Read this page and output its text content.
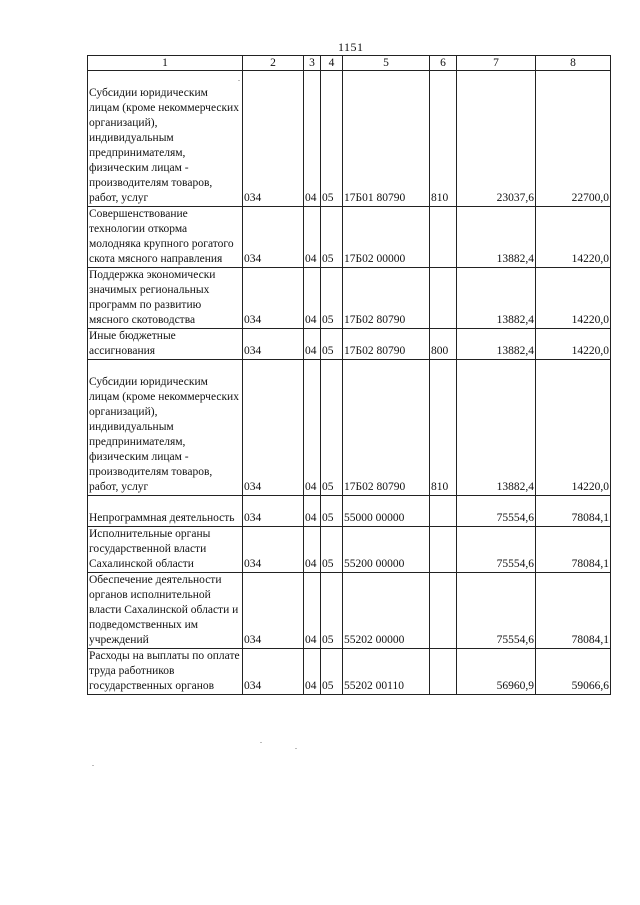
1151
1	2	3	4	5	6	7	8
Субсидии юридическим лицам (кроме некоммерческих организаций), индивидуальным предпринимателям, физическим лицам - производителям товаров, работ, услуг	034	04	05	17Б01 80790	810	23037,6	22700,0
Совершенствование технологии откорма молодняка крупного рогатого скота мясного направления	034	04	05	17Б02 00000		13882,4	14220,0
Поддержка экономически значимых региональных программ по развитию мясного скотоводства	034	04	05	17Б02 80790		13882,4	14220,0
Иные бюджетные ассигнования	034	04	05	17Б02 80790	800	13882,4	14220,0
Субсидии юридическим лицам (кроме некоммерческих организаций), индивидуальным предпринимателям, физическим лицам - производителям товаров, работ, услуг	034	04	05	17Б02 80790	810	13882,4	14220,0
Непрограммная деятельность	034	04	05	55000 00000		75554,6	78084,1
Исполнительные органы государственной власти Сахалинской области	034	04	05	55200 00000		75554,6	78084,1
Обеспечение деятельности органов исполнительной власти Сахалинской области и подведомственных им учреждений	034	04	05	55202 00000		75554,6	78084,1
Расходы на выплаты по оплате труда работников государственных органов	034	04	05	55202 00110		56960,9	59066,6
